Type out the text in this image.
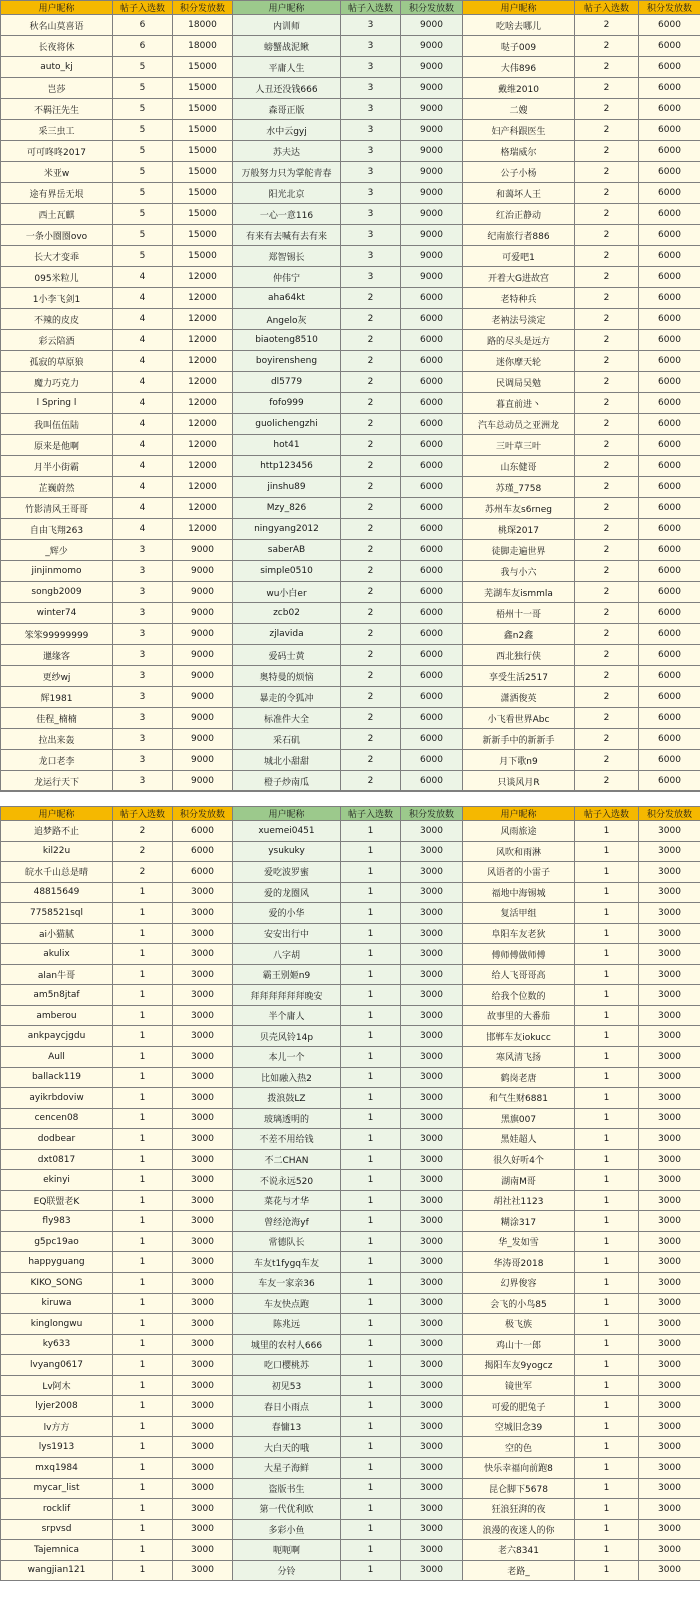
用户昵称	帖子入选数	积分发放数	用户昵称	帖子入选数	积分发放数	用户昵称	帖子入选数	积分发放数
秋名山莫喜语	6	18000	内训师	3	9000	吃啥去哪儿	2	6000
长夜将休	6	18000	螃蟹战泥鳅	3	9000	哒子009	2	6000
auto_kj	5	15000	平庸人生	3	9000	大伟896	2	6000
岂莎	5	15000	人丑还没钱666	3	9000	戴维2010	2	6000
不羁汪先生	5	15000	森哥正版	3	9000	二嫂	2	6000
采三虫工	5	15000	水中云gyj	3	9000	妇产科跟医生	2	6000
可可咚咚2017	5	15000	苏夫达	3	9000	格瑞威尔	2	6000
米亚w	5	15000	万般努力只为掌舵青春	3	9000	公子小杨	2	6000
途有界岳无垠	5	15000	阳光北京	3	9000	和蔼坏人王	2	6000
西土瓦麒	5	15000	一心一意116	3	9000	红治正静动	2	6000
一条小圈圈ovo	5	15000	有来有去喊有去有来	3	9000	纪南旅行者886	2	6000
长大才变乖	5	15000	郑智锡长	3	9000	可爱吧1	2	6000
095米粒儿	4	12000	仲伟宁	3	9000	开着大G进故宫	2	6000
1小李飞剑1	4	12000	aha64kt	2	6000	老特种兵	2	6000
不辣的皮皮	4	12000	Angelo灰	2	6000	老衲法号淡定	2	6000
彩云陪酒	4	12000	biaoteng8510	2	6000	路的尽头是远方	2	6000
孤寂的草原狼	4	12000	boyirensheng	2	6000	迷你摩天轮	2	6000
魔力巧克力	4	12000	dl5779	2	6000	民调局吴勉	2	6000
l Spring l	4	12000	fofo999	2	6000	暮直前进丶	2	6000
我叫伍伍陆	4	12000	guolichengzhi	2	6000	汽车总动员之亚洲龙	2	6000
原来是他啊	4	12000	hot41	2	6000	三叶草三叶	2	6000
月半小街霸	4	12000	http123456	2	6000	山东健哥	2	6000
芷巍蔚然	4	12000	jinshu89	2	6000	苏瑾_7758	2	6000
竹影清风王哥哥	4	12000	Mzy_826	2	6000	苏州车友s6rneg	2	6000
自由飞翔263	4	12000	ningyang2012	2	6000	桃琛2017	2	6000
_辉少	3	9000	saberAB	2	6000	徒脚走遍世界	2	6000
jinjinmomo	3	9000	simple0510	2	6000	我与小六	2	6000
songb2009	3	9000	wu小白er	2	6000	芜湖车友ismmla	2	6000
winter74	3	9000	zcb02	2	6000	梧州十一哥	2	6000
笨笨99999999	3	9000	zjlavida	2	6000	鑫n2鑫	2	6000
邋缘客	3	9000	爱码士黄	2	6000	西北独行侠	2	6000
更纱wj	3	9000	奥特曼的烦恼	2	6000	享受生活2517	2	6000
辉1981	3	9000	暴走的令狐冲	2	6000	潇洒俊英	2	6000
佳程_楠楠	3	9000	标准件大全	2	6000	小飞看世界Abc	2	6000
拉出来轰	3	9000	采石矶	2	6000	新新手中的新新手	2	6000
龙口老李	3	9000	城北小甜甜	2	6000	月下歌n9	2	6000
龙运行天下	3	9000	橙子炒南瓜	2	6000	只谈风月R	2	6000
用户昵称	帖子入选数	积分发放数	用户昵称	帖子入选数	积分发放数	用户昵称	帖子入选数	积分发放数
追梦路不止	2	6000	xuemei0451	1	3000	风雨旅途	1	3000
kil22u	2	6000	ysukuky	1	3000	风吹和雨淋	1	3000
皖水千山总是晴	2	6000	爱吃波罗蜜	1	3000	风语者的小雷子	1	3000
48815649	1	3000	爱的龙圈风	1	3000	福地中海锡城	1	3000
7758521sql	1	3000	爱的小华	1	3000	复活甲组	1	3000
ai小猫腻	1	3000	安安出行中	1	3000	阜阳车友老狄	1	3000
akulix	1	3000	八字胡	1	3000	傅师傅做师傅	1	3000
alan牛哥	1	3000	霸王别姬n9	1	3000	给人飞哥哥高	1	3000
am5n8jtaf	1	3000	拜拜拜拜拜拜晚安	1	3000	给我个位数的	1	3000
amberou	1	3000	半个庸人	1	3000	故事里的大番茄	1	3000
ankpaycjgdu	1	3000	贝壳风铃14p	1	3000	邯郸车友iokucc	1	3000
Aull	1	3000	本儿一个	1	3000	寒风清飞扬	1	3000
ballack119	1	3000	比如融入热2	1	3000	鹤岗老唐	1	3000
ayikrbdoviw	1	3000	拨浪鼓LZ	1	3000	和气生财6881	1	3000
cencen08	1	3000	玻璃透明的	1	3000	黑旗007	1	3000
dodbear	1	3000	不差不用给钱	1	3000	黑娃超人	1	3000
dxt0817	1	3000	不二CHAN	1	3000	很久好听4个	1	3000
ekinyi	1	3000	不说永远520	1	3000	湖南M哥	1	3000
EQ联盟老K	1	3000	菜花与才华	1	3000	胡社社1123	1	3000
fly983	1	3000	曾经沧海yf	1	3000	糊涂317	1	3000
g5pc19ao	1	3000	常德队长	1	3000	华_发如雪	1	3000
happyguang	1	3000	车友t1fygq车友	1	3000	华涛哥2018	1	3000
KIKO_SONG	1	3000	车友一家亲36	1	3000	幻界俊容	1	3000
kiruwa	1	3000	车友快点跑	1	3000	会飞的小鸟85	1	3000
kinglongwu	1	3000	陈兆远	1	3000	极飞族	1	3000
ky633	1	3000	城里的农村人666	1	3000	鸡山十一郎	1	3000
lvyang0617	1	3000	吃口樱桃苏	1	3000	揭阳车友9yogcz	1	3000
Lv阿木	1	3000	初见53	1	3000	镜世军	1	3000
lyjer2008	1	3000	春日小雨点	1	3000	可爱的肥兔子	1	3000
lv方方	1	3000	春慵13	1	3000	空城旧念39	1	3000
lys1913	1	3000	大白天的哦	1	3000	空的色	1	3000
mxq1984	1	3000	大星子海鲜	1	3000	快乐幸福向前跑8	1	3000
mycar_list	1	3000	盗版书生	1	3000	昆仑脚下5678	1	3000
rocklif	1	3000	第一代优利欧	1	3000	狂浪狂湃的夜	1	3000
srpvsd	1	3000	多彩小鱼	1	3000	浪漫的夜迷人的你	1	3000
Tajemnica	1	3000	呃呃啊	1	3000	老六8341	1	3000
wangjian121	1	3000	分铃	1	3000	老路_	1	3000
